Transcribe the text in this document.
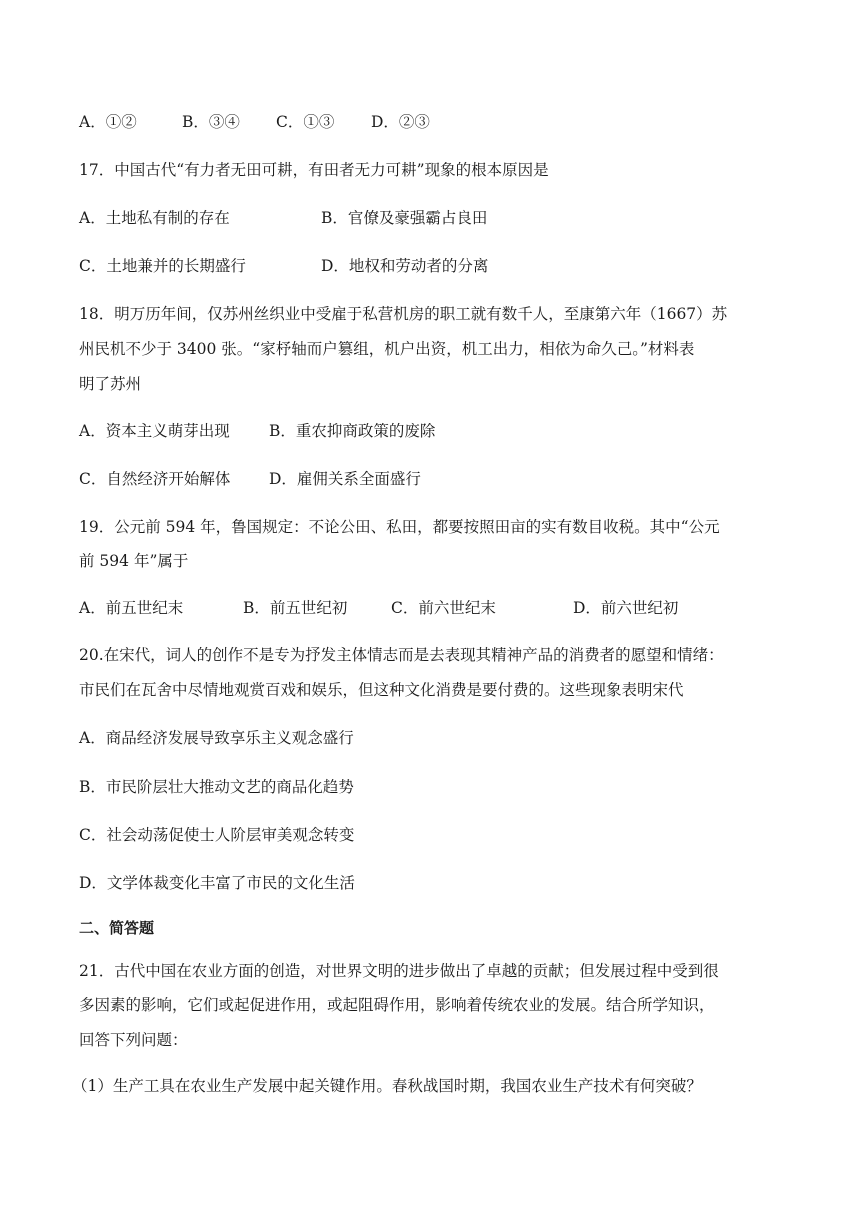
A．①②	B．③④ C．①③ D．②③
17．中国古代“有力者无田可耕，有田者无力可耕”现象的根本原因是
A．土地私有制的存在	B．官僚及豪强霸占良田
C．土地兼并的长期盛行	D．地权和劳动者的分离
18．明万历年间，仅苏州丝织业中受雇于私营机房的职工就有数千人，至康第六年（1667）苏
州民机不少于 3400 张。“家杼轴而户篡组，机户出资，机工出力，相依为命久己。”材料表
明了苏州
A．资本主义萌芽出现	B．重农抑商政策的废除
C．自然经济开始解体 D．雇佣关系全面盛行
19．公元前 594 年，鲁国规定：不论公田、私田，都要按照田亩的实有数目收税。其中“公元
前 594 年”属于
A．前五世纪末	B．前五世纪初	C．前六世纪末	D．前六世纪初
20.在宋代，词人的创作不是专为抒发主体情志而是去表现其精神产品的消费者的愿望和情绪：
市民们在瓦舍中尽情地观赏百戏和娱乐，但这种文化消费是要付费的。这些现象表明宋代
A．商品经济发展导致享乐主义观念盛行
B．市民阶层壮大推动文艺的商品化趋势
C．社会动荡促使士人阶层审美观念转变
D．文学体裁变化丰富了市民的文化生活
二、简答题
21．古代中国在农业方面的创造，对世界文明的进步做出了卓越的贡献；但发展过程中受到很
多因素的影响，它们或起促进作用，或起阻碍作用，影响着传统农业的发展。结合所学知识，
回答下列问题：
（1）生产工具在农业生产发展中起关键作用。春秋战国时期，我国农业生产技术有何突破？
